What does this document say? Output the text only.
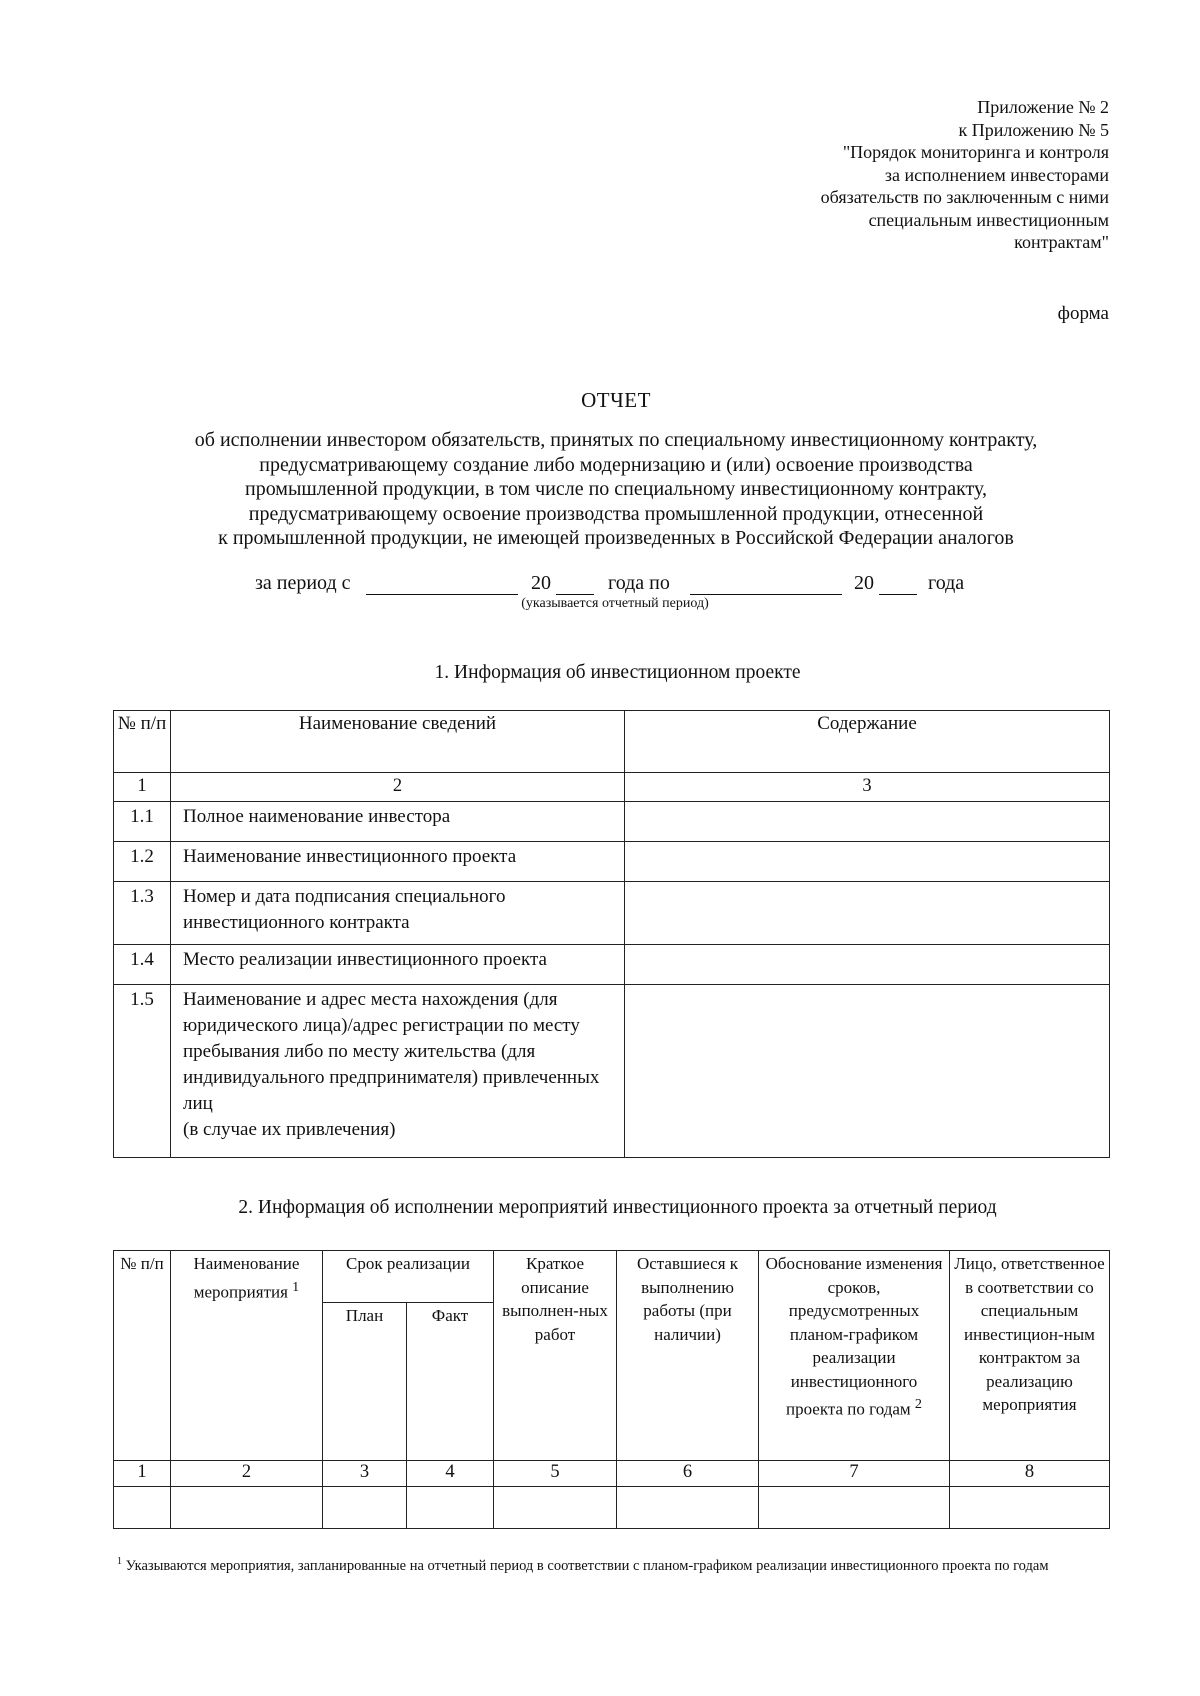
Приложение № 2
к Приложению № 5
"Порядок мониторинга и контроля
за исполнением инвесторами
обязательств по заключенным с ними
специальным инвестиционным
контрактам"
форма
ОТЧЕТ
об исполнении инвестором обязательств, принятых по специальному инвестиционному контракту,
предусматривающему создание либо модернизацию и (или) освоение производства
промышленной продукции, в том числе по специальному инвестиционному контракту,
предусматривающему освоение производства промышленной продукции, отнесенной
к промышленной продукции, не имеющей произведенных в Российской Федерации аналогов
за период с	20	года по	20	года
(указывается отчетный период)
1. Информация об инвестиционном проекте
№ п/п	Наименование сведений	Содержание
1	2	3
1.1	Полное наименование инвестора	
1.2	Наименование инвестиционного проекта	
1.3	Номер и дата подписания специального инвестиционного контракта	
1.4	Место реализации инвестиционного проекта	
1.5	Наименование и адрес места нахождения (для юридического лица)/адрес регистрации по месту пребывания либо по месту жительства (для индивидуального предпринимателя) привлеченных лиц
(в случае их привлечения)	

2. Информация об исполнении мероприятий инвестиционного проекта за отчетный период
№ п/п	Наименование мероприятия $^1$	Срок реализации		Краткое описание выполнен-ных работ	Оставшиеся к выполнению работы (при наличии)	Обоснование изменения сроков, предусмотренных планом-графиком реализации инвестиционного проекта по годам $^2$	Лицо, ответственное в соответствии со специальным инвестицион-ным контрактом за реализацию мероприятия
		План	Факт				
1	2	3	4	5	6	7	8

$^1$ Указываются мероприятия, запланированные на отчетный период в соответствии с планом-графиком реализации инвестиционного проекта по годам
